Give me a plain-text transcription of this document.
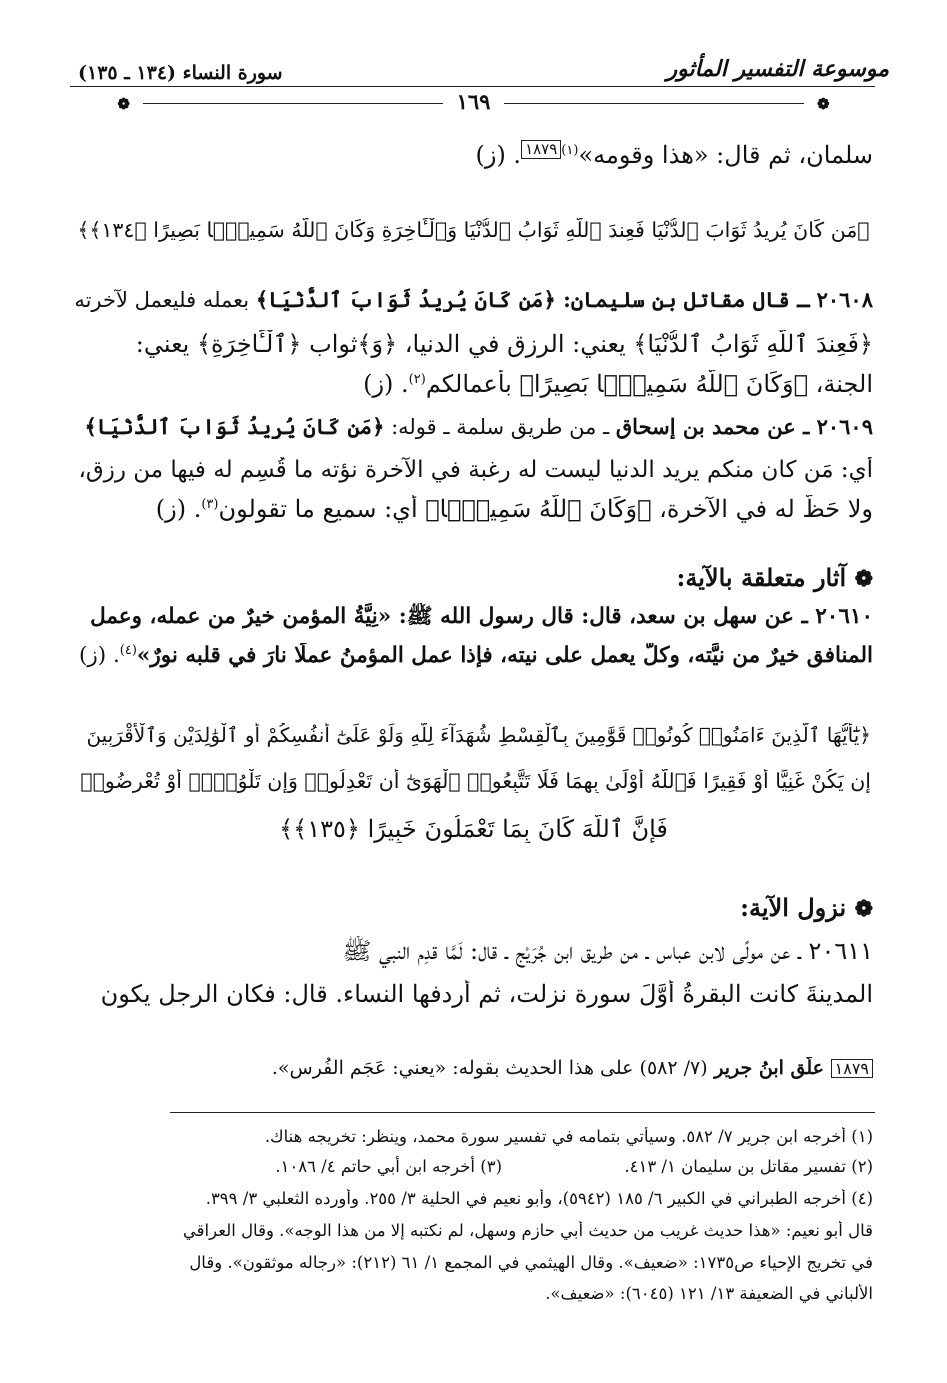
سورة النساء (١٣٤ ـ ١٣٥)	موسوعة التفسير المأثور
❁  ١٦٩  ❁
سلمان، ثم قال: «هذا وقومه»$^{(١)}$١٨٧٩. (ز)
﴿مَن كَانَ يُرِيدُ ثَوَابَ ٱلدُّنْيَا فَعِندَ ٱللَّهِ ثَوَابُ ٱلدُّنْيَا وَٱلْـَٔاخِرَةِ وَكَانَ ٱللَّهُ سَمِيعًۢا بَصِيرًا ﴿١٣٤﴾﴾
٢٠٦٠٨ ـ قال مقاتل بن سليمان: ﴿مَن كَانَ يُرِيدُ ثَوَابَ ٱلدُّنْيَا﴾ بعمله فليعمل لآخرته
﴿فَعِندَ ٱللَّهِ ثَوَابُ ٱلدُّنْيَا﴾ يعني: الرزق في الدنيا، ﴿وَ﴾ثواب ﴿ٱلْـَٔاخِرَةِ﴾ يعني:
الجنة، ﴿وَكَانَ ٱللَّهُ سَمِيعًۢا بَصِيرًا﴾ بأعمالكم$^{(٢)}$. (ز)
٢٠٦٠٩ ـ عن محمد بن إسحاق ـ من طريق سلمة ـ قوله: ﴿مَن كَانَ يُرِيدُ ثَوَابَ ٱلدُّنْيَا﴾
أي: مَن كان منكم يريد الدنيا ليست له رغبة في الآخرة نؤته ما قُسِم له فيها من رزق،
ولا حَظَّ له في الآخرة، ﴿وَكَانَ ٱللَّهُ سَمِيعًۢا﴾ أي: سميع ما تقولون$^{(٣)}$. (ز)
❁ آثار متعلقة بالآية:
٢٠٦١٠ ـ عن سهل بن سعد، قال: قال رسول الله ﷺ: «نِيَّةُ المؤمن خيرٌ من عمله، وعمل
المنافق خيرٌ من نيَّته، وكلٌّ يعمل على نيته، فإذا عمل المؤمنُ عملًا نارَ في قلبه نورٌ»$^{(٤)}$. (ز)
﴿يَٰٓأَيُّهَا ٱلَّذِينَ ءَامَنُوا۟ كُونُوا۟ قَوَّٰمِينَ بِٱلْقِسْطِ شُهَدَآءَ لِلَّهِ وَلَوْ عَلَىٰٓ أَنفُسِكُمْ أَوِ ٱلْوَٰلِدَيْنِ وَٱلْأَقْرَبِينَ
إِن يَكُنْ غَنِيًّا أَوْ فَقِيرًا فَٱللَّهُ أَوْلَىٰ بِهِمَا فَلَا تَتَّبِعُوا۟ ٱلْهَوَىٰٓ أَن تَعْدِلُوا۟ وَإِن تَلْوُۥٓا۟ أَوْ تُعْرِضُوا۟
فَإِنَّ ٱللَّهَ كَانَ بِمَا تَعْمَلُونَ خَبِيرًا ﴿١٣٥﴾﴾
❁ نزول الآية:
٢٠٦١١ ـ عن مولًى لابن عباس ـ من طريق ابن جُرَيْج ـ قال: لَمَّا قدِم النبي ﷺ
المدينةَ كانت البقرةُ أوَّلَ سورة نزلت، ثم أردفها النساء. قال: فكان الرجل يكون
١٨٧٩ علَّق ابنُ جرير (٧/ ٥٨٢) على هذا الحديث بقوله: «يعني: عَجَم الفُرس».
(١) أخرجه ابن جرير ٧/ ٥٨٢. وسيأتي بتمامه في تفسير سورة محمد، وينظر: تخريجه هناك.
(٢) تفسير مقاتل بن سليمان ١/ ٤١٣.
(٣) أخرجه ابن أبي حاتم ٤/ ١٠٨٦.
(٤) أخرجه الطبراني في الكبير ٦/ ١٨٥ (٥٩٤٢)، وأبو نعيم في الحلية ٣/ ٢٥٥. وأورده الثعلبي ٣/ ٣٩٩.
قال أبو نعيم: «هذا حديث غريب من حديث أبي حازم وسهل، لم نكتبه إلا من هذا الوجه». وقال العراقي
في تخريج الإحياء ص١٧٣٥: «ضعيف». وقال الهيثمي في المجمع ١/ ٦١ (٢١٢): «رجاله موثقون». وقال
الألباني في الضعيفة ١٣/ ١٢١ (٦٠٤٥): «ضعيف».
